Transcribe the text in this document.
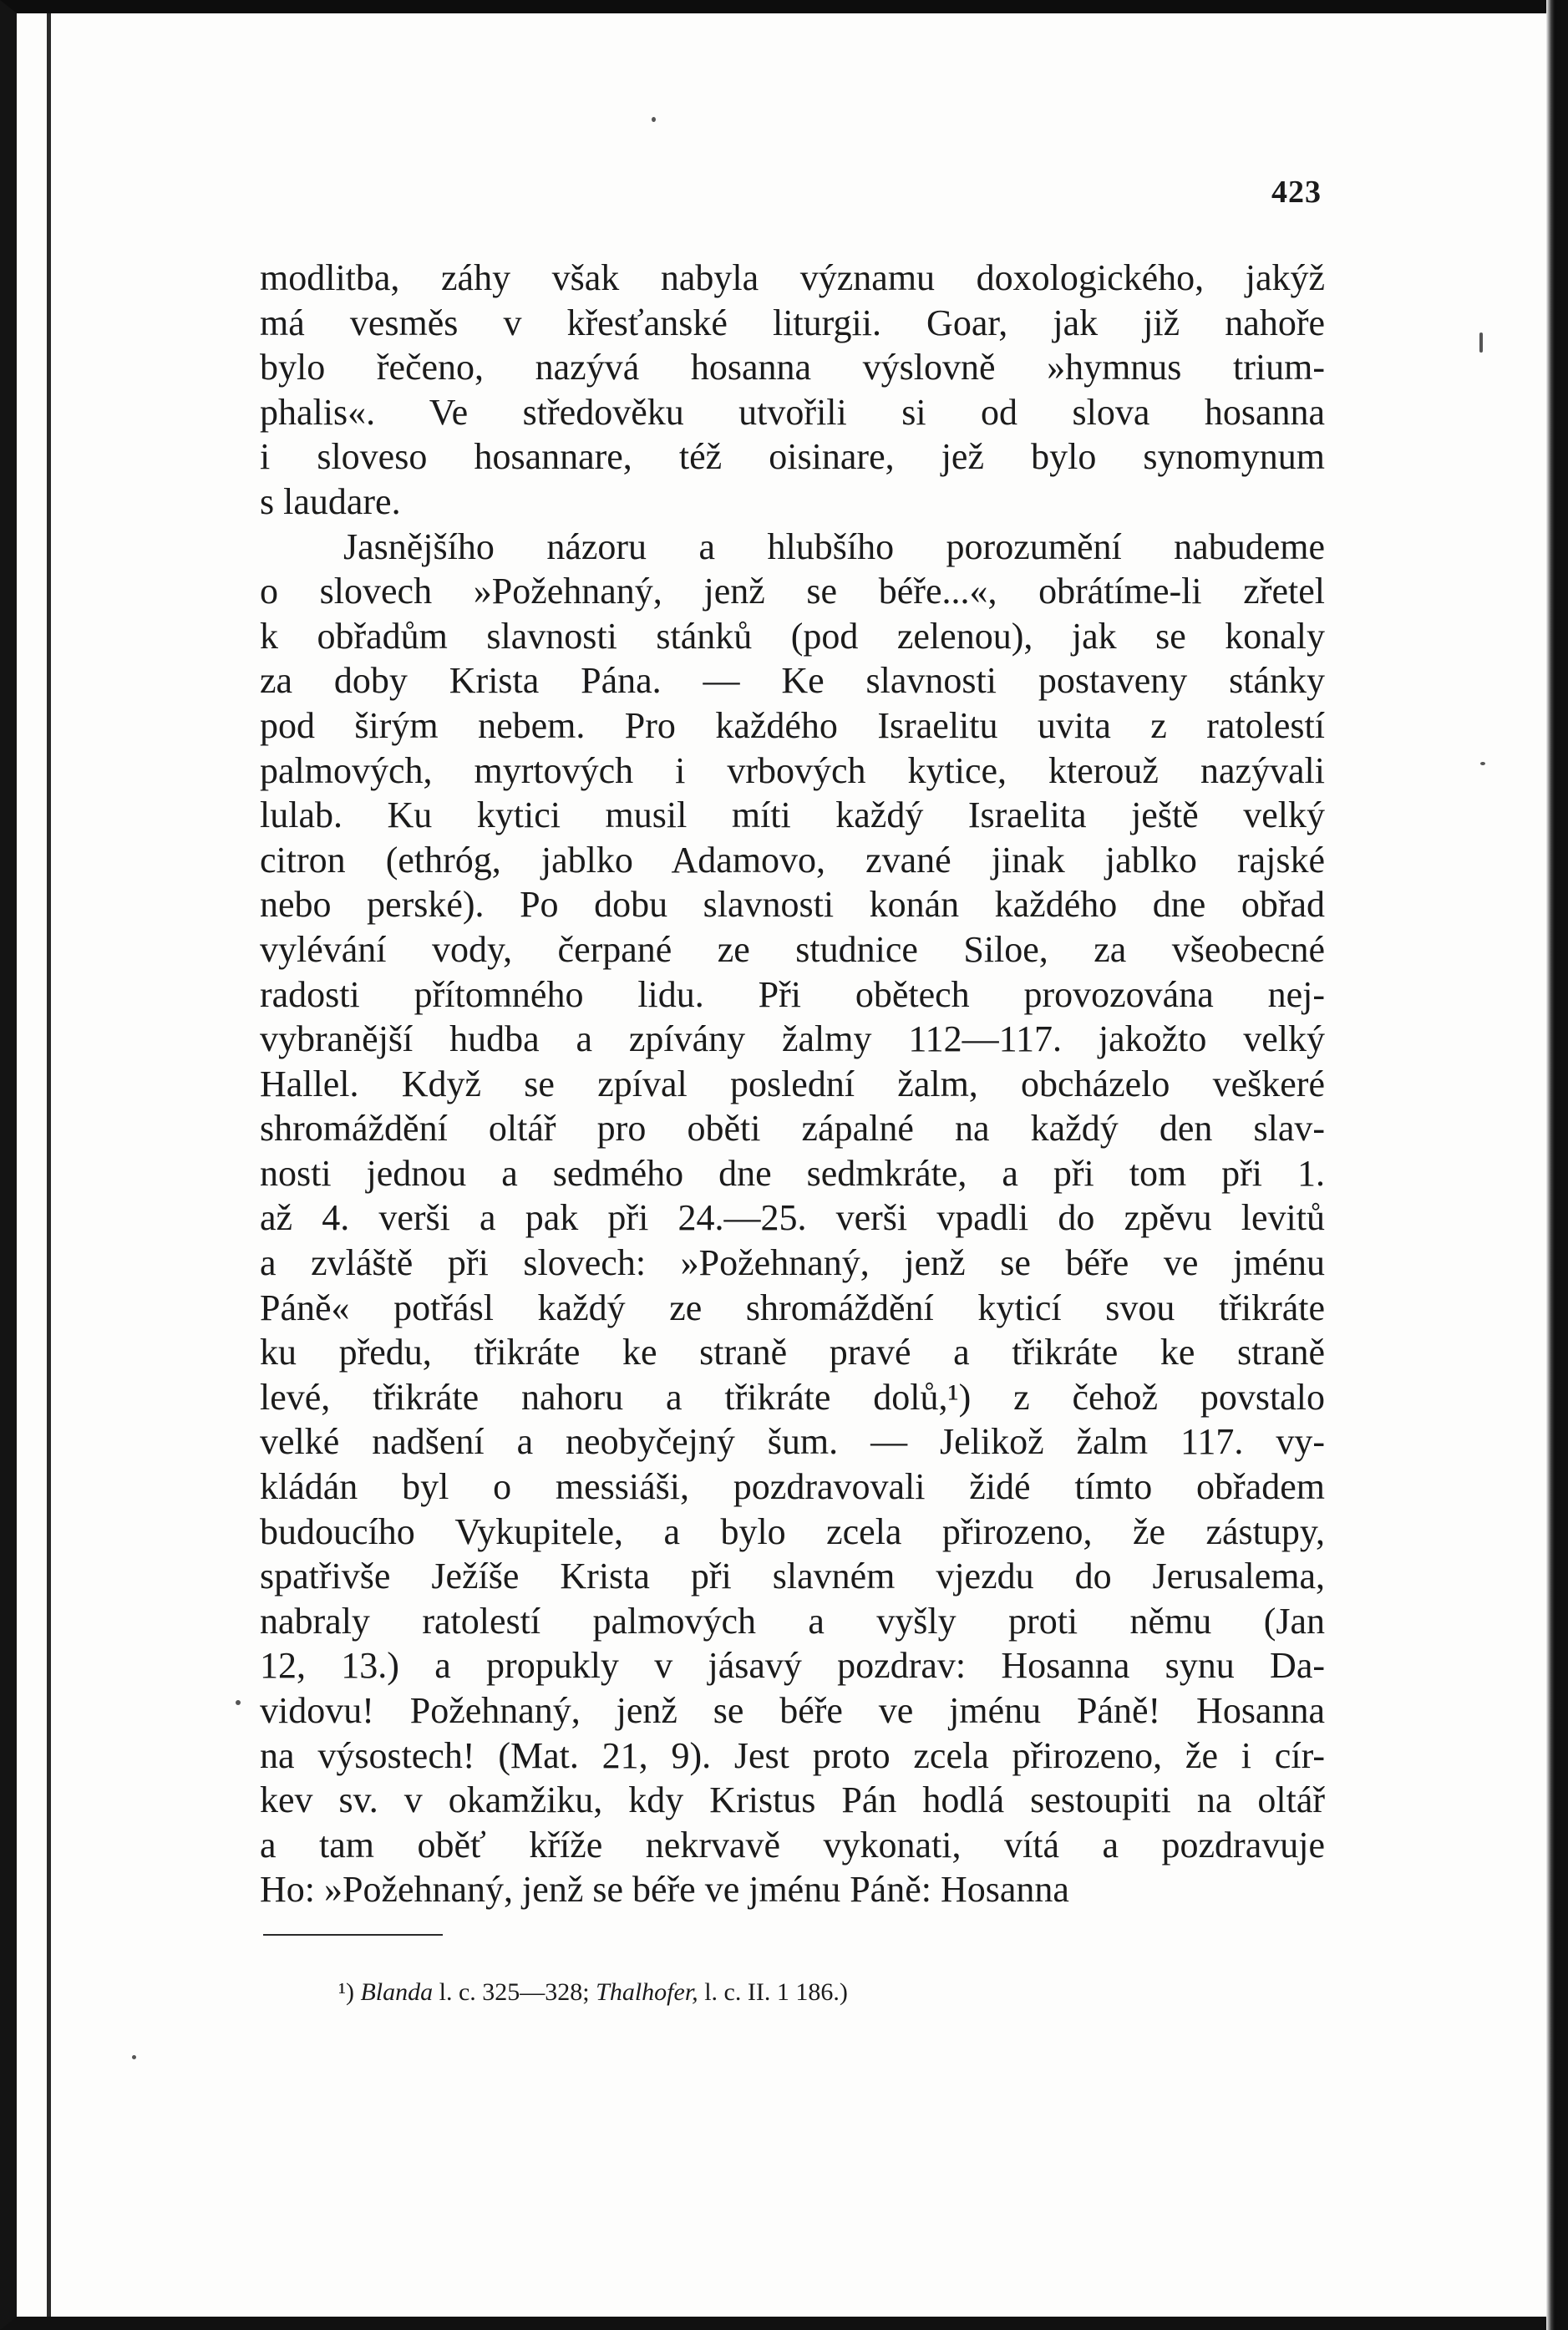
423
modlitba, záhy však nabyla významu doxologického, jakýž
má vesměs v křesťanské liturgii. Goar, jak již nahoře
bylo řečeno, nazývá hosanna výslovně »hymnus trium-
phalis«. Ve středověku utvořili si od slova hosanna
i sloveso hosannare, též oisinare, jež bylo synomynum
s laudare.
Jasnějšího názoru a hlubšího porozumění nabudeme
o slovech »Požehnaný, jenž se béře...«, obrátíme-li zřetel
k obřadům slavnosti stánků (pod zelenou), jak se konaly
za doby Krista Pána. — Ke slavnosti postaveny stánky
pod širým nebem. Pro každého Israelitu uvita z ratolestí
palmových, myrtových i vrbových kytice, kterouž nazývali
lulab. Ku kytici musil míti každý Israelita ještě velký
citron (ethróg, jablko Adamovo, zvané jinak jablko rajské
nebo perské). Po dobu slavnosti konán každého dne obřad
vylévání vody, čerpané ze studnice Siloe, za všeobecné
radosti přítomného lidu. Při obětech provozována nej-
vybranější hudba a zpívány žalmy 112—117. jakožto velký
Hallel. Když se zpíval poslední žalm, obcházelo veškeré
shromáždění oltář pro oběti zápalné na každý den slav-
nosti jednou a sedmého dne sedmkráte, a při tom při 1.
až 4. verši a pak při 24.—25. verši vpadli do zpěvu levitů
a zvláště při slovech: »Požehnaný, jenž se béře ve jménu
Páně« potřásl každý ze shromáždění kyticí svou třikráte
ku předu, třikráte ke straně pravé a třikráte ke straně
levé, třikráte nahoru a třikráte dolů,¹) z čehož povstalo
velké nadšení a neobyčejný šum. — Jelikož žalm 117. vy-
kládán byl o messiáši, pozdravovali židé tímto obřadem
budoucího Vykupitele, a bylo zcela přirozeno, že zástupy,
spatřivše Ježíše Krista při slavném vjezdu do Jerusalema,
nabraly ratolestí palmových a vyšly proti němu (Jan
12, 13.) a propukly v jásavý pozdrav: Hosanna synu Da-
vidovu! Požehnaný, jenž se béře ve jménu Páně! Hosanna
na výsostech! (Mat. 21, 9). Jest proto zcela přirozeno, že i cír-
kev sv. v okamžiku, kdy Kristus Pán hodlá sestoupiti na oltář
a tam oběť kříže nekrvavě vykonati, vítá a pozdravuje
Ho: »Požehnaný, jenž se béře ve jménu Páně: Hosanna
¹) Blanda l. c. 325—328; Thalhofer, l. c. II. 1 186.)
